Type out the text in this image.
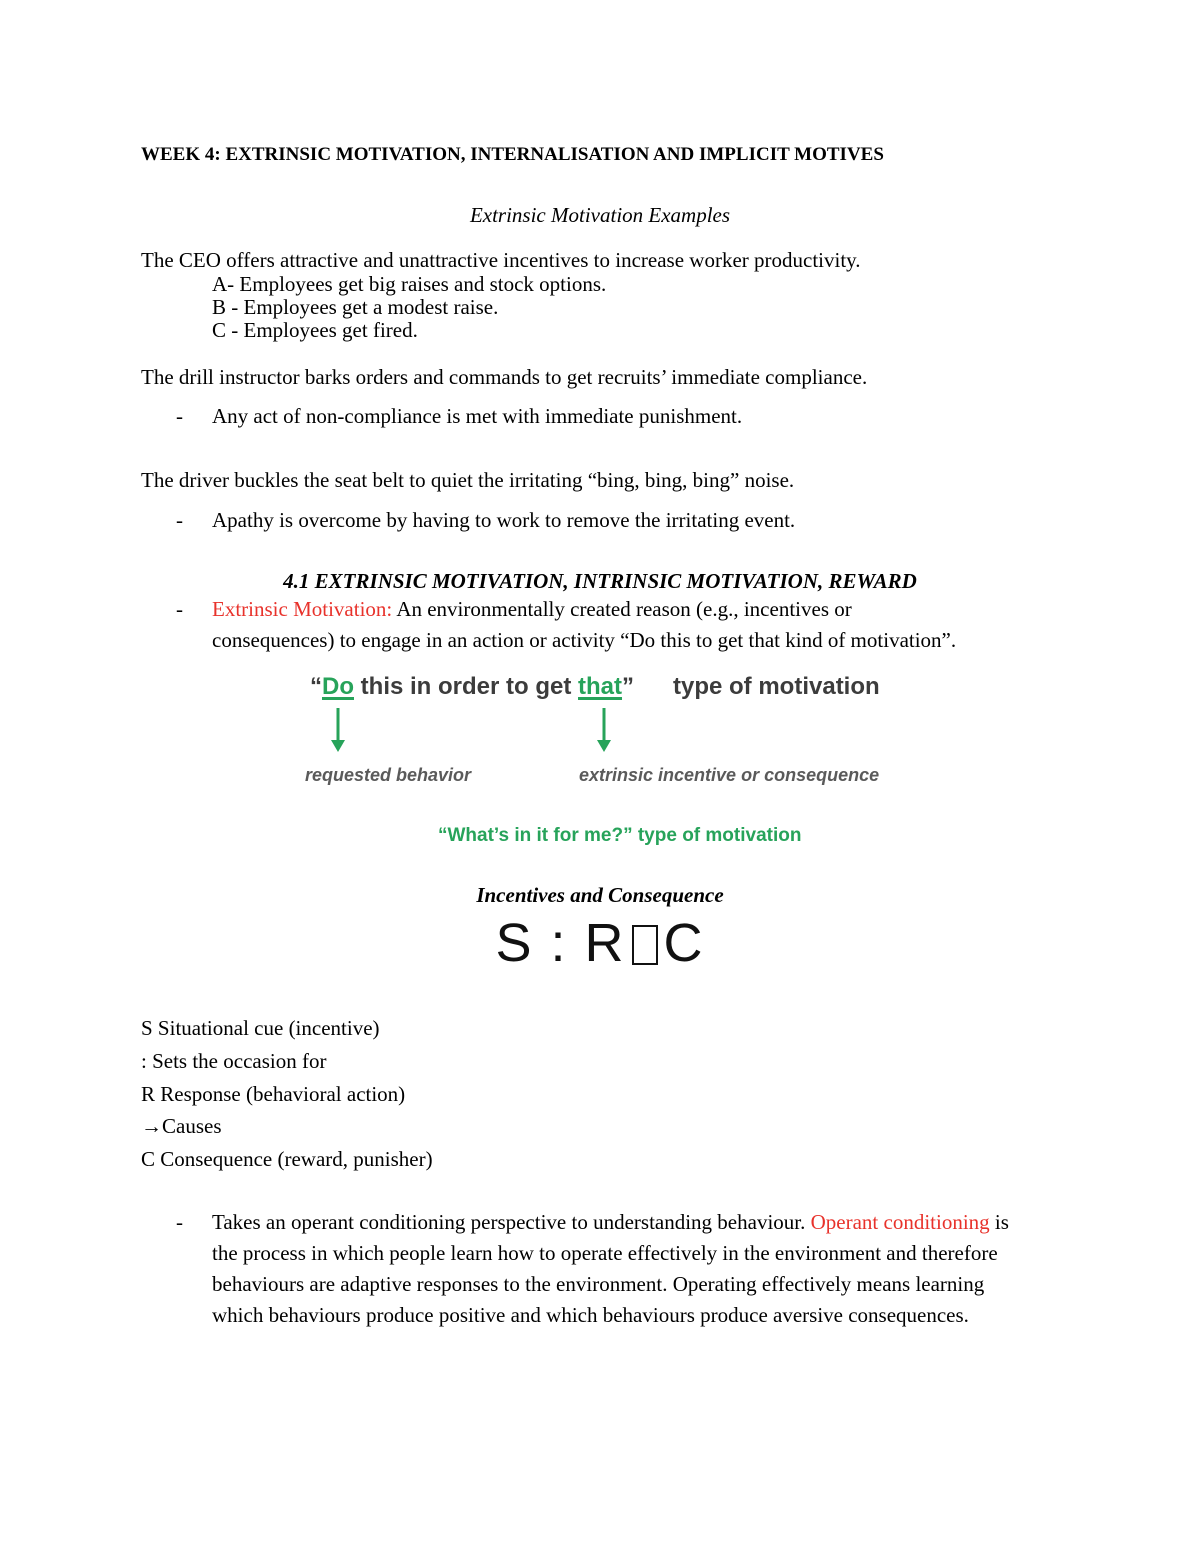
WEEK 4: EXTRINSIC MOTIVATION, INTERNALISATION AND IMPLICIT MOTIVES
Extrinsic Motivation Examples
The CEO offers attractive and unattractive incentives to increase worker productivity.
A- Employees get big raises and stock options.
B - Employees get a modest raise.
C - Employees get fired.
The drill instructor barks orders and commands to get recruits’ immediate compliance.
- Any act of non-compliance is met with immediate punishment.
The driver buckles the seat belt to quiet the irritating “bing, bing, bing” noise.
- Apathy is overcome by having to work to remove the irritating event.
4.1 EXTRINSIC MOTIVATION, INTRINSIC MOTIVATION, REWARD
- Extrinsic Motivation: An environmentally created reason (e.g., incentives or
consequences) to engage in an action or activity “Do this to get that kind of motivation”.
“Do this in order to get that” type of motivation
requested behavior	extrinsic incentive or consequence
“What’s in it for me?” type of motivation
Incentives and Consequence
S : R C
S Situational cue (incentive)
: Sets the occasion for
R Response (behavioral action)
→Causes
C Consequence (reward, punisher)
- Takes an operant conditioning perspective to understanding behaviour. Operant conditioning is the process in which people learn how to operate effectively in the environment and therefore behaviours are adaptive responses to the environment. Operating effectively means learning which behaviours produce positive and which behaviours produce aversive consequences.
